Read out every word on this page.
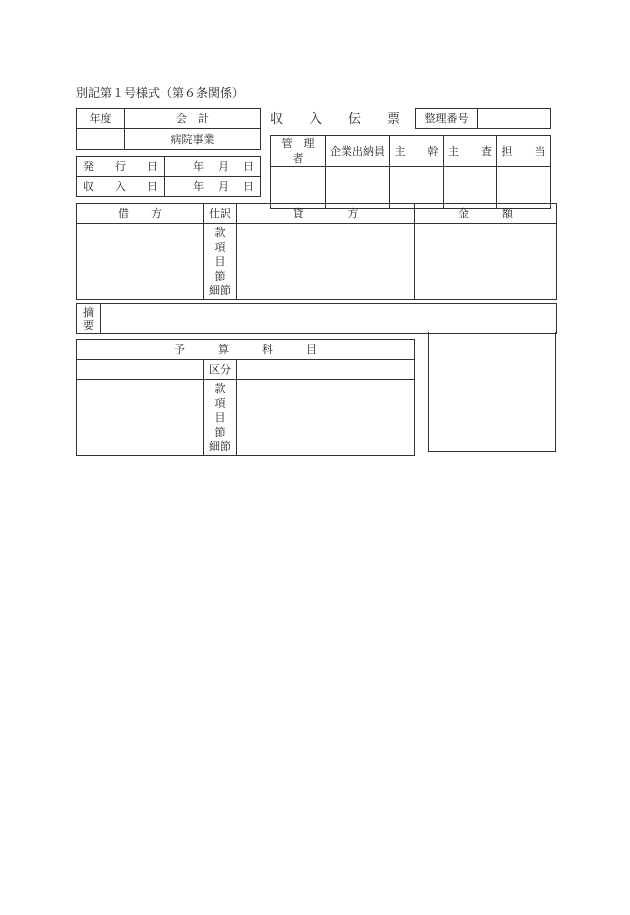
別記第１号様式（第６条関係）
年度	会　計
	病院事業
発 行 日	年 月 日

収 入 日	年 月 日
収 入 伝 票 整理番号	
管　理　者	企業出納員	主　　幹	主　　査	担　　当

借　　方	仕訳	貸　　　　方	金　　　額

	款
項
目
節
細節		

摘
要

予　　　算　　　科　　　目		
	区分	

	款
項
目
節
細節	
